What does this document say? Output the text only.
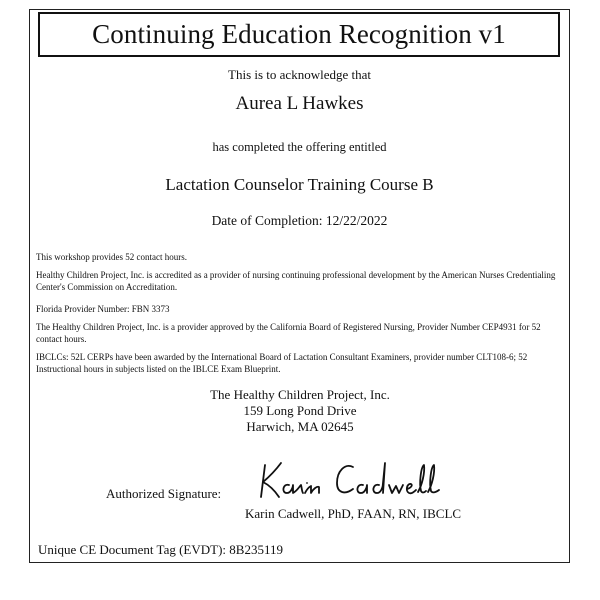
Continuing Education Recognition v1
This is to acknowledge that
Aurea L Hawkes
has completed the offering entitled
Lactation Counselor Training Course B
Date of Completion: 12/22/2022
This workshop provides 52 contact hours.
Healthy Children Project, Inc. is accredited as a provider of nursing continuing professional development by the American Nurses Credentialing Center's Commission on Accreditation.
Florida Provider Number: FBN 3373
The Healthy Children Project, Inc. is a provider approved by the California Board of Registered Nursing, Provider Number CEP4931 for 52 contact hours.
IBCLCs: 52L CERPs have been awarded by the International Board of Lactation Consultant Examiners, provider number CLT108-6; 52 Instructional hours in subjects listed on the IBLCE Exam Blueprint.
The Healthy Children Project, Inc.
159 Long Pond Drive
Harwich, MA 02645
Authorized Signature:
Karin Cadwell, PhD, FAAN, RN, IBCLC
Unique CE Document Tag (EVDT): 8B235119
